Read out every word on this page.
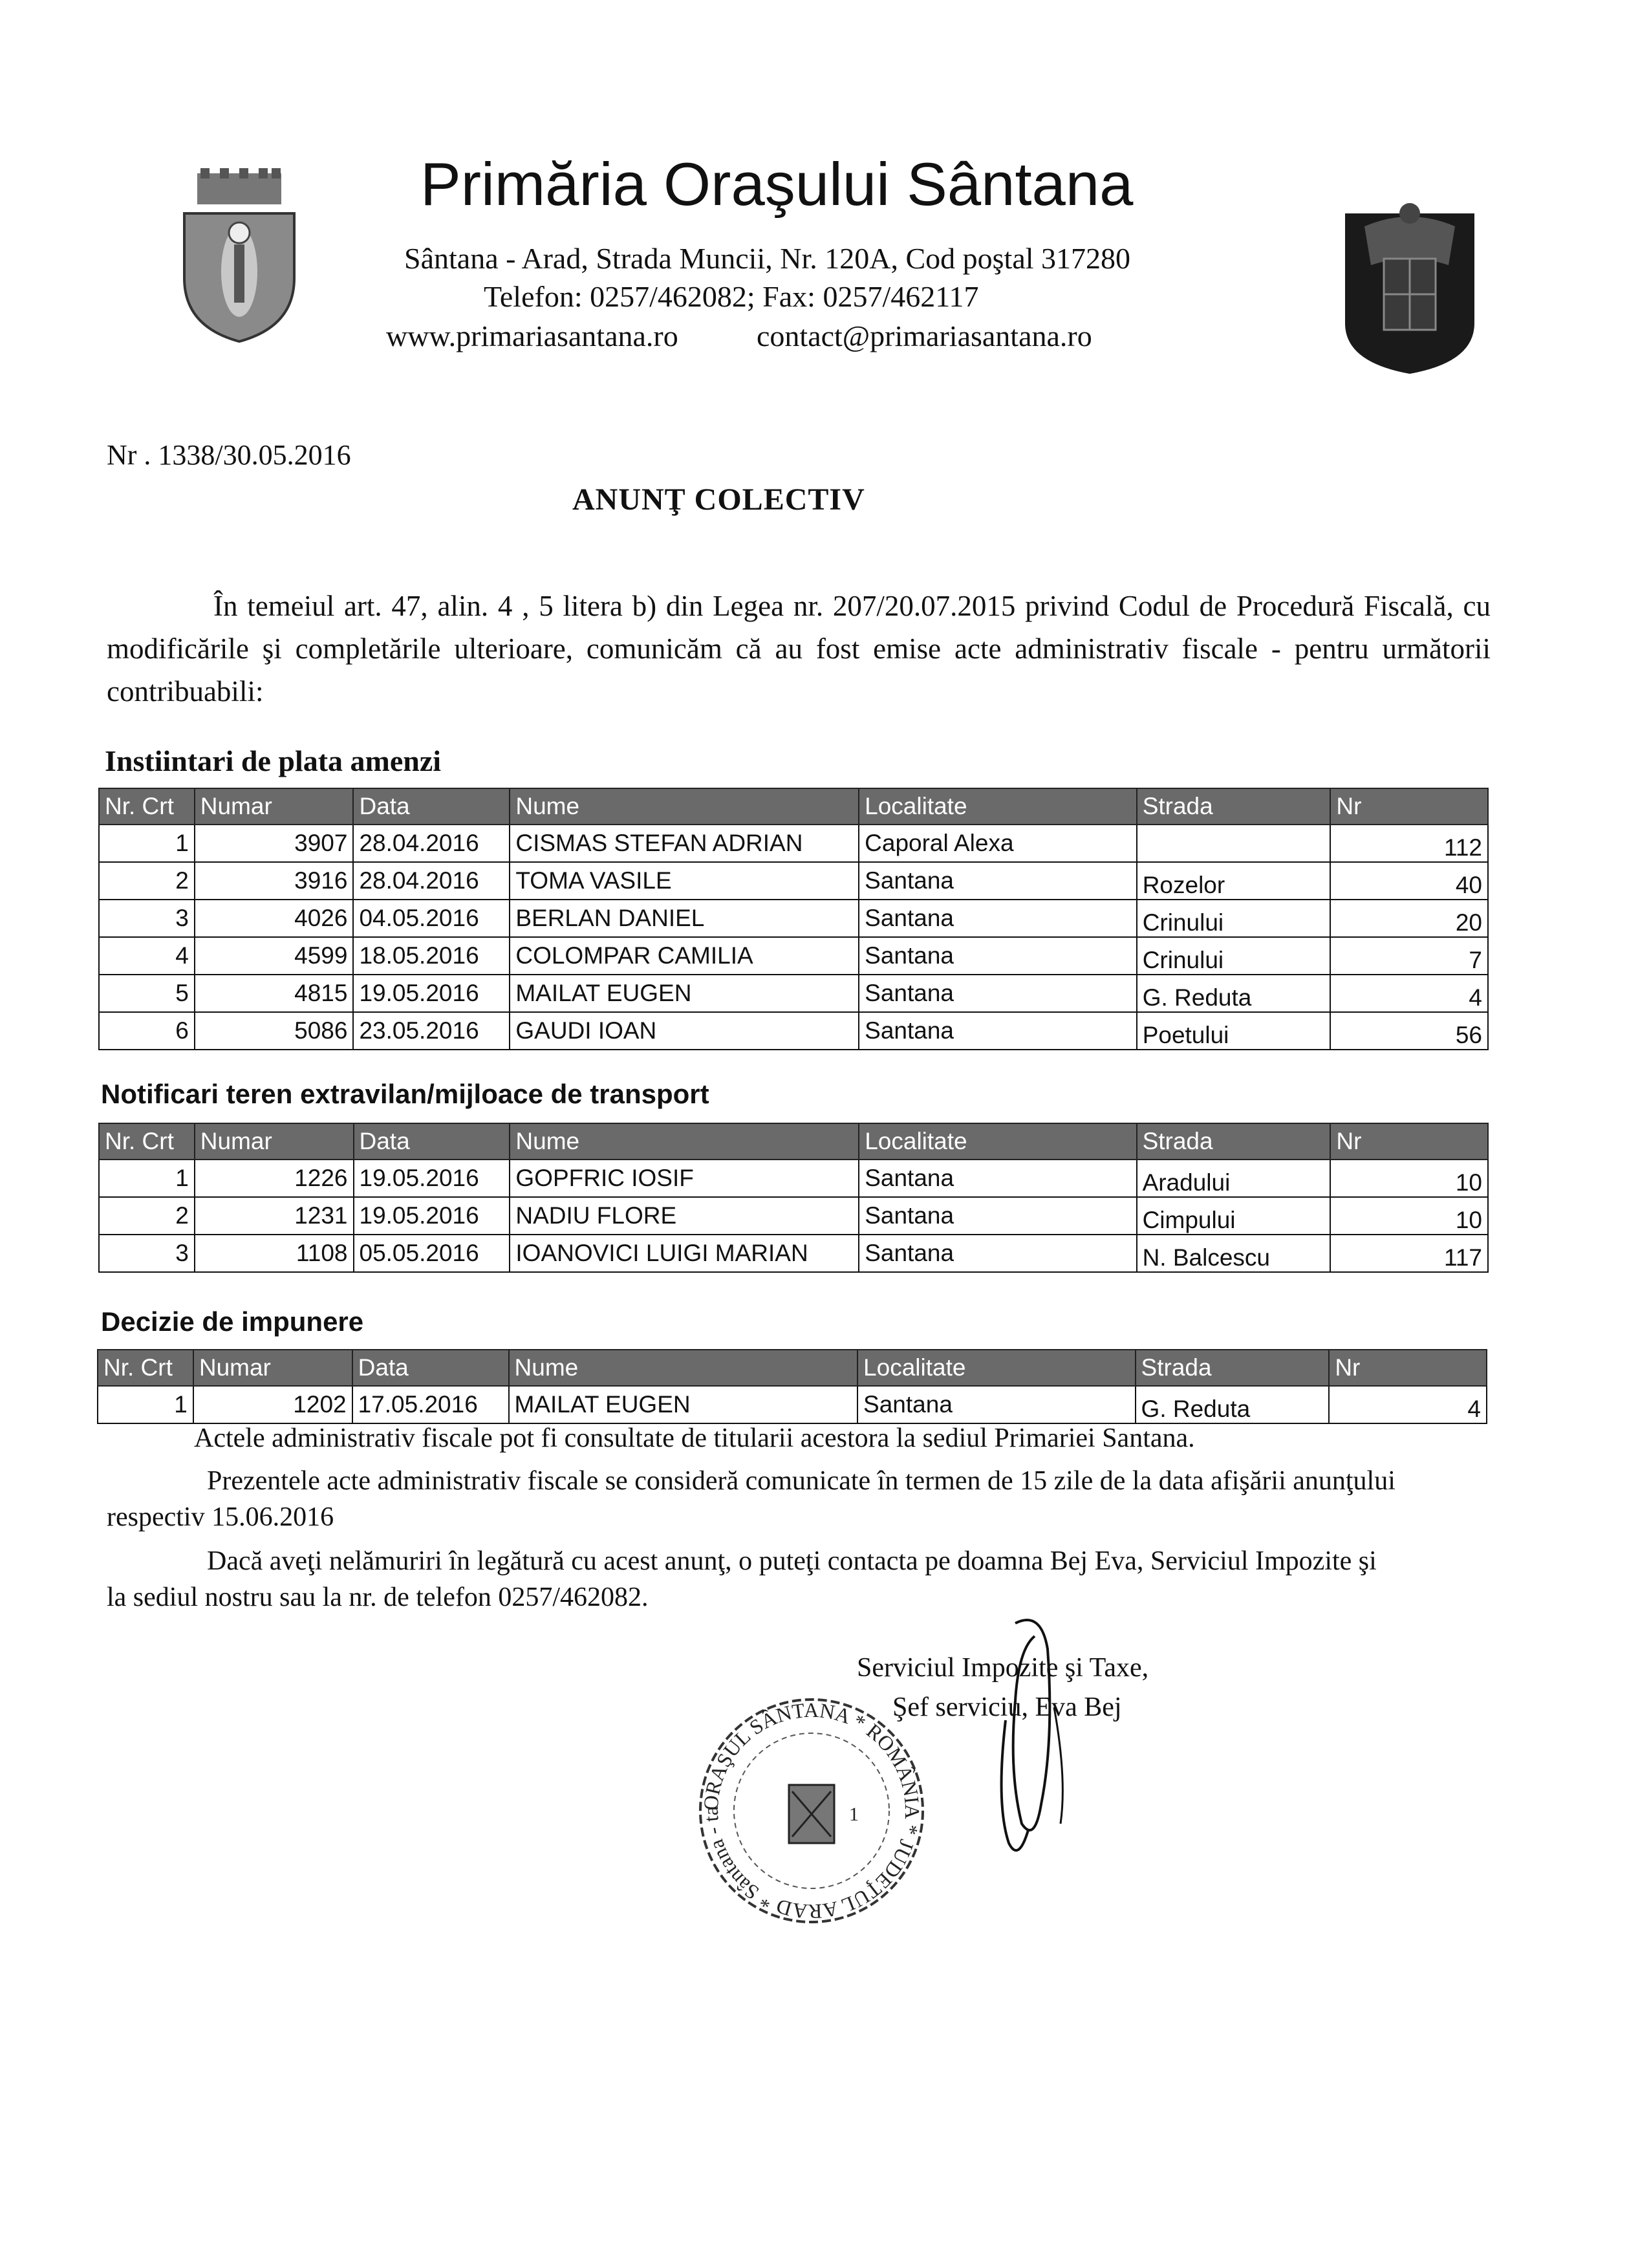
Primăria Oraşului Sântana
Sântana - Arad, Strada Muncii, Nr. 120A, Cod poştal 317280
Telefon: 0257/462082; Fax: 0257/462117
www.primariasantana.ro	contact@primariasantana.ro
Nr . 1338/30.05.2016
ANUNŢ COLECTIV

În temeiul art. 47, alin. 4 , 5 litera b) din Legea nr. 207/20.07.2015 privind Codul de Procedură Fiscală, cu modificările şi completările ulterioare, comunicăm că au fost emise acte administrativ fiscale - pentru următorii contribuabili:

Instiintari de plata amenzi
Nr. Crt	Numar	Data	Nume	Localitate	Strada	Nr
1	3907	28.04.2016	CISMAS STEFAN ADRIAN	Caporal Alexa		112
2	3916	28.04.2016	TOMA VASILE	Santana	Rozelor	40
3	4026	04.05.2016	BERLAN DANIEL	Santana	Crinului	20
4	4599	18.05.2016	COLOMPAR CAMILIA	Santana	Crinului	7
5	4815	19.05.2016	MAILAT EUGEN	Santana	G. Reduta	4
6	5086	23.05.2016	GAUDI IOAN	Santana	Poetului	56
Notificari teren extravilan/mijloace de transport
Nr. Crt	Numar	Data	Nume	Localitate	Strada	Nr
1	1226	19.05.2016	GOPFRIC IOSIF	Santana	Aradului	10
2	1231	19.05.2016	NADIU FLORE	Santana	Cimpului	10
3	1108	05.05.2016	IOANOVICI LUIGI MARIAN	Santana	N. Balcescu	117
Decizie de impunere
Nr. Crt	Numar	Data	Nume	Localitate	Strada	Nr
1	1202	17.05.2016	MAILAT EUGEN	Santana	G. Reduta	4
Actele administrativ fiscale pot fi consultate de titularii acestora la sediul Primariei Santana.
Prezentele acte administrativ fiscale se consideră comunicate în termen de 15 zile de la data afişării anunţului
respectiv 15.06.2016
Dacă aveţi nelămuriri în legătură cu acest anunţ, o puteţi contacta pe doamna Bej Eva, Serviciul Impozite şi
la sediul nostru sau la nr. de telefon 0257/462082.
Serviciul Impozite şi Taxe,
Şef serviciu, Eva Bej
ORAŞUL SÂNTANA * ROMÂNIA * JUDEŢUL ARAD * Sântana - ta	1
